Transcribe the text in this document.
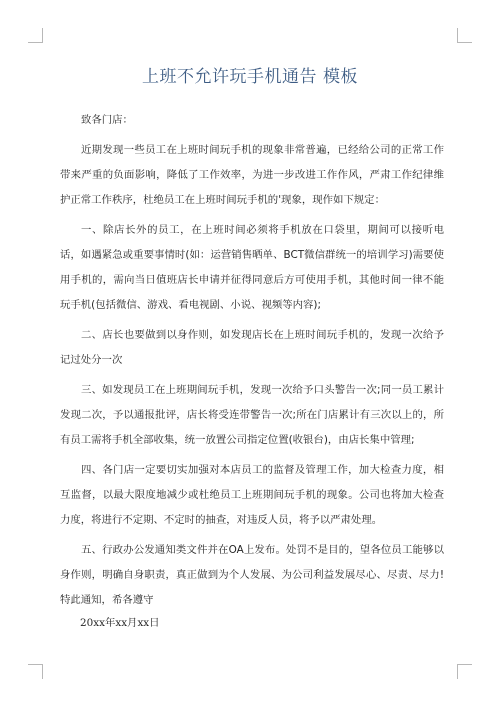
上班不允许玩手机通告 模板

致各门店：

近期发现一些员工在上班时间玩手机的现象非常普遍，已经给公司的正常工作带来严重的负面影响，降低了工作效率，为进一步改进工作作风，严肃工作纪律维护正常工作秩序，杜绝员工在上班时间玩手机的'现象，现作如下规定：

一、除店长外的员工，在上班时间必须将手机放在口袋里，期间可以接听电话，如遇紧急或重要事情时(如：运营销售晒单、BCT微信群统一的培训学习)需要使用手机的，需向当日值班店长申请并征得同意后方可使用手机，其他时间一律不能玩手机(包括微信、游戏、看电视剧、小说、视频等内容);

二、店长也要做到以身作则，如发现店长在上班时间玩手机的，发现一次给予记过处分一次

三、如发现员工在上班期间玩手机，发现一次给予口头警告一次;同一员工累计发现二次，予以通报批评，店长将受连带警告一次;所在门店累计有三次以上的，所有员工需将手机全部收集，统一放置公司指定位置(收银台)，由店长集中管理;

四、各门店一定要切实加强对本店员工的监督及管理工作，加大检查力度，相互监督，以最大限度地减少或杜绝员工上班期间玩手机的现象。公司也将加大检查力度，将进行不定期、不定时的抽查，对违反人员，将予以严肃处理。

五、行政办公发通知类文件并在OA上发布。处罚不是目的，望各位员工能够以身作则，明确自身职责，真正做到为个人发展、为公司利益发展尽心、尽责、尽力!特此通知，希各遵守

20xx年xx月xx日
